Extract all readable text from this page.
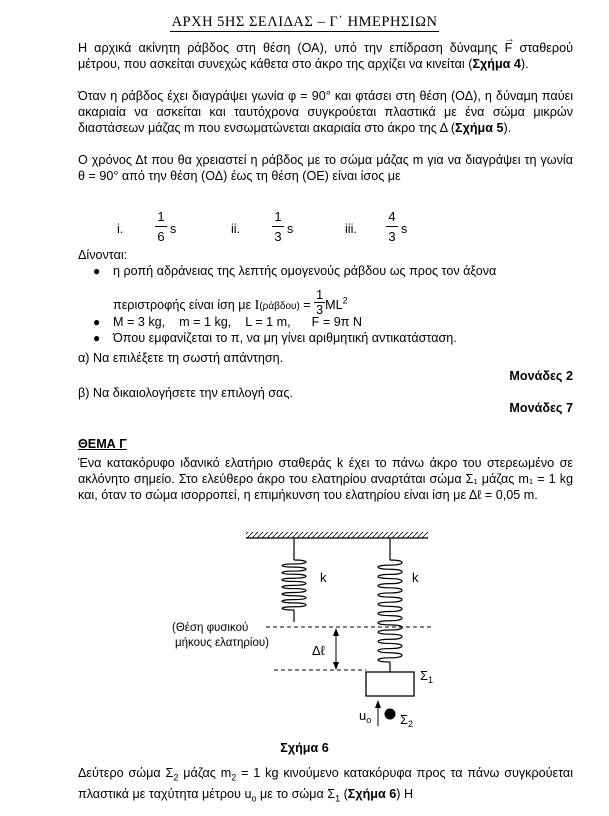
ΑΡΧΗ 5ΗΣ ΣΕΛΙΔΑΣ – Γ΄ ΗΜΕΡΗΣΙΩΝ

Η αρχικά ακίνητη ράβδος στη θέση (ΟΑ), υπό την επίδραση δύναμης F
→
σταθερού μέτρου, που ασκείται συνεχώς κάθετα στο άκρο της αρχίζει να κινείται (Σχήμα 4).

Όταν η ράβδος έχει διαγράψει γωνία φ = 90° και φτάσει στη θέση (ΟΔ), η δύναμη παύει ακαριαία να ασκείται και ταυτόχρονα συγκρούεται πλαστικά με ένα σώμα μικρών διαστάσεων μάζας m που ενσωματώνεται ακαριαία στο άκρο της Δ (Σχήμα 5).

Ο χρόνος Δt που θα χρειαστεί η ράβδος με το σώμα μάζας m για να διαγράψει τη γωνία θ = 90° από την θέση (ΟΔ) έως τη θέση (ΟΕ) είναι ίσος με

i.
1
6 s	ii.
1
3 s	iii.
4
3 s
Δίνονται:
● η ροπή αδράνειας της λεπτής ομογενούς ράβδου ως προς τον άξονα
περιστροφής είναι ίση με $I(\rho ά\beta\delta o\upsilon) = \frac{1}{3} ML^2$
● M = 3 kg,    m = 1 kg,    L = 1 m,      F = 9π N
● Όπου εμφανίζεται το π, να μη γίνει αριθμητική αντικατάσταση.
α) Να επιλέξετε τη σωστή απάντηση.
Μονάδες 2
β) Να δικαιολογήσετε την επιλογή σας.
Μονάδες 7
ΘΕΜΑ Γ

Ένα κατακόρυφο ιδανικό ελατήριο σταθεράς k έχει το πάνω άκρο του στερεωμένο σε ακλόνητο σημείο. Στο ελεύθερο άκρο του ελατηρίου αναρτάται σώμα Σ₁ μάζας m₁ = 1 kg και, όταν το σώμα ισορροπεί, η επιμήκυνση του ελατηρίου είναι ίση με Δℓ = 0,05 m.

k	k
(Θέση φυσικού
μήκους ελατηρίου)	Δℓ
$\Sigma_1$
$u_o$ $\Sigma_2$
Σχήμα 6

Δεύτερο σώμα $\Sigma_2$ μάζας $m_2 = 1$ kg κινούμενο κατακόρυφα προς τα πάνω συγκρούεται πλαστικά με ταχύτητα μέτρου $u_o$ με το σώμα $\Sigma_1$ (Σχήμα 6) Η
